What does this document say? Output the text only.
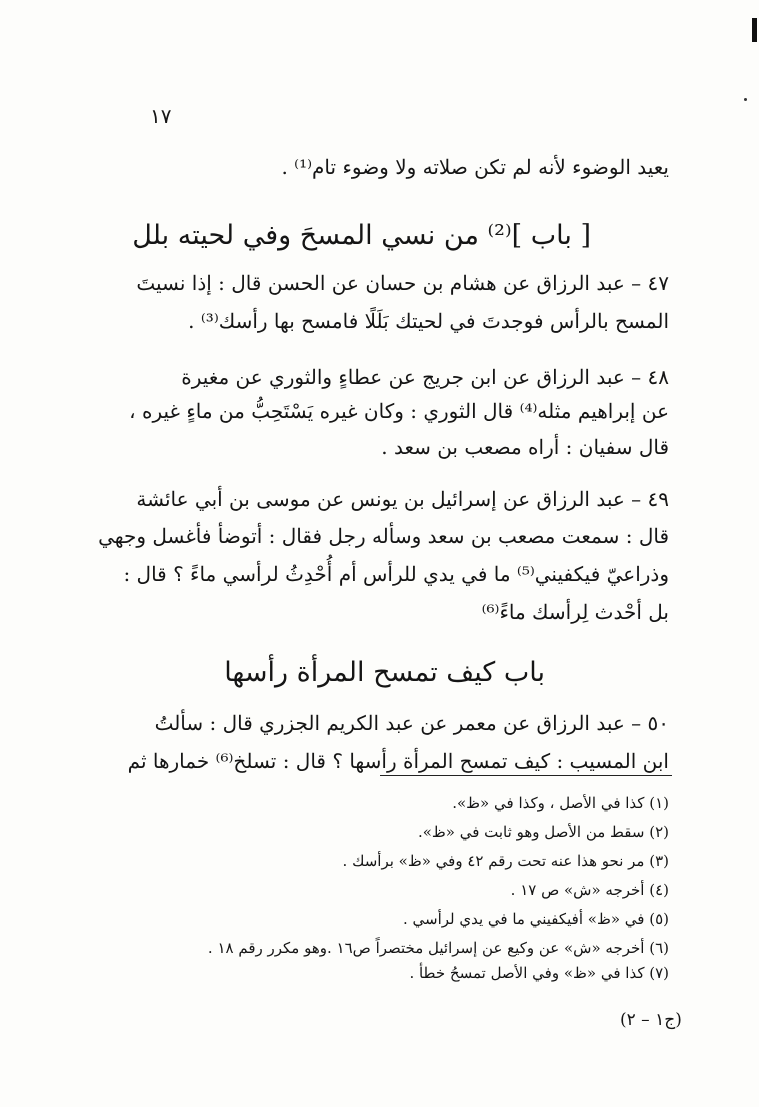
١٧
يعيد الوضوء لأنه لم تكن صلاته ولا وضوء تام⁽¹⁾ .
[ باب ]⁽²⁾ من نسي المسحَ وفي لحيته بلل
٤٧ – عبد الرزاق عن هشام بن حسان عن الحسن قال : إذا نسيتَ
المسح بالرأس فوجدتَ في لحيتك بَلَلًا فامسح بها رأسك⁽³⁾ .
٤٨ – عبد الرزاق عن ابن جريج عن عطاءٍ والثوري عن مغيرة
عن إبراهيم مثله⁽⁴⁾ قال الثوري : وكان غيره يَسْتَحِبُّ من ماءٍ غيره ،
قال سفيان : أراه مصعب بن سعد .
٤٩ – عبد الرزاق عن إسرائيل بن يونس عن موسى بن أبي عائشة
قال : سمعت مصعب بن سعد وسأله رجل فقال : أتوضأ فأغسل وجهي
وذراعيّ فيكفيني⁽⁵⁾ ما في يدي للرأس أم أُحْدِثُ لرأسي ماءً ؟ قال :
بل أحْدث لِرأسك ماءً⁽⁶⁾
باب كيف تمسح المرأة رأسها
٥٠ – عبد الرزاق عن معمر عن عبد الكريم الجزري قال : سألتُ
ابن المسيب : كيف تمسح المرأة رأسها ؟ قال : تسلخ⁽⁶⁾ خمارها ثم
(١) كذا في الأصل ، وكذا في «ظ».
(٢) سقط من الأصل وهو ثابت في «ظ».
(٣) مر نحو هذا عنه تحت رقم ٤٢ وفي «ظ» برأسك .
(٤) أخرجه «ش» ص ١٧ .
(٥) في «ظ» أفيكفيني ما في يدي لرأسي .
(٦) أخرجه «ش» عن وكيع عن إسرائيل مختصراً ص١٦ .وهو مكرر رقم ١٨ .
(٧) كذا في «ظ» وفي الأصل تمسحُ خطأ .
(ج١ – ٢)
